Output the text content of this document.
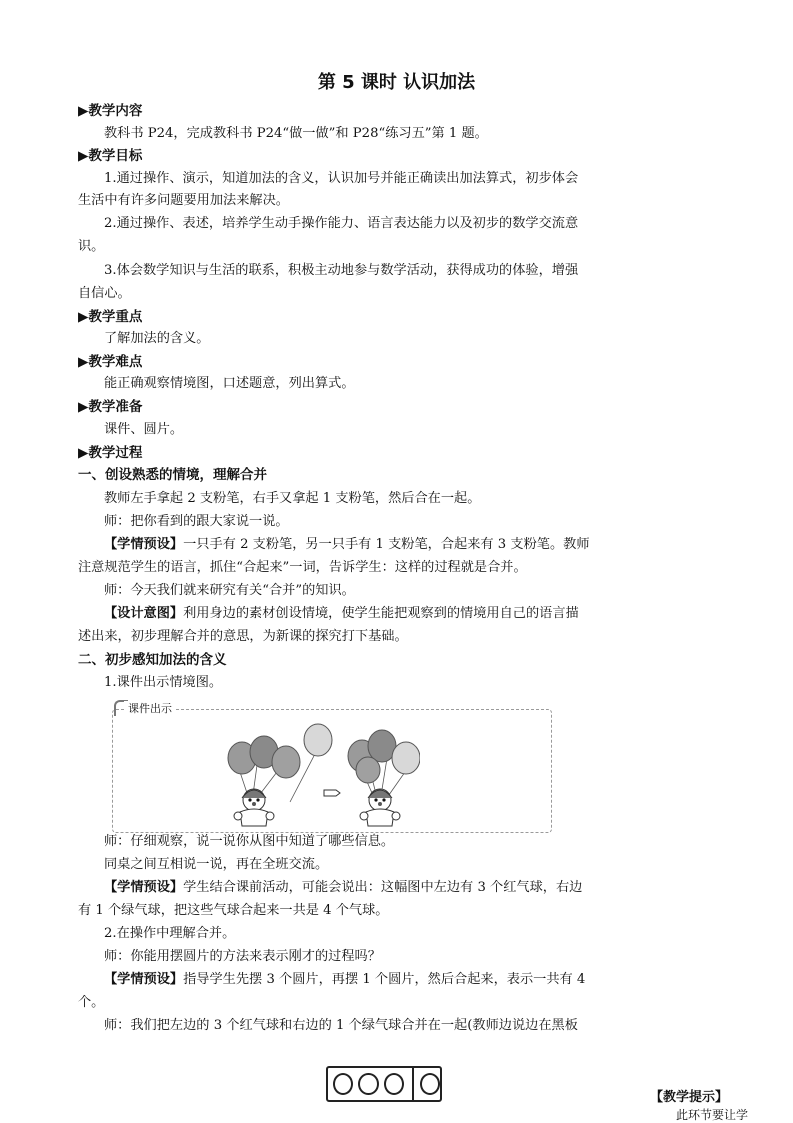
第 5 课时 认识加法
▶教学内容
教科书 P24，完成教科书 P24“做一做”和 P28“练习五”第 1 题。
▶教学目标
1.通过操作、演示，知道加法的含义，认识加号并能正确读出加法算式，初步体会
生活中有许多问题要用加法来解决。
2.通过操作、表述，培养学生动手操作能力、语言表达能力以及初步的数学交流意
识。
3.体会数学知识与生活的联系，积极主动地参与数学活动，获得成功的体验，增强
自信心。
▶教学重点
了解加法的含义。
▶教学难点
能正确观察情境图，口述题意，列出算式。
▶教学准备
课件、圆片。
▶教学过程
一、创设熟悉的情境，理解合并
教师左手拿起 2 支粉笔，右手又拿起 1 支粉笔，然后合在一起。
师：把你看到的跟大家说一说。
【学情预设】一只手有 2 支粉笔，另一只手有 1 支粉笔，合起来有 3 支粉笔。教师
注意规范学生的语言，抓住“合起来”一词，告诉学生：这样的过程就是合并。
师：今天我们就来研究有关“合并”的知识。
【设计意图】利用身边的素材创设情境，使学生能把观察到的情境用自己的语言描
述出来，初步理解合并的意思，为新课的探究打下基础。
二、初步感知加法的含义
1.课件出示情境图。
课件出示
师：仔细观察，说一说你从图中知道了哪些信息。
同桌之间互相说一说，再在全班交流。
【学情预设】学生结合课前活动，可能会说出：这幅图中左边有 3 个红气球，右边
有 1 个绿气球，把这些气球合起来一共是 4 个气球。
2.在操作中理解合并。
师：你能用摆圆片的方法来表示刚才的过程吗？
【学情预设】指导学生先摆 3 个圆片，再摆 1 个圆片，然后合起来，表示一共有 4
个。
师：我们把左边的 3 个红气球和右边的 1 个绿气球合并在一起(教师边说边在黑板
【教学提示】
此环节要让学
